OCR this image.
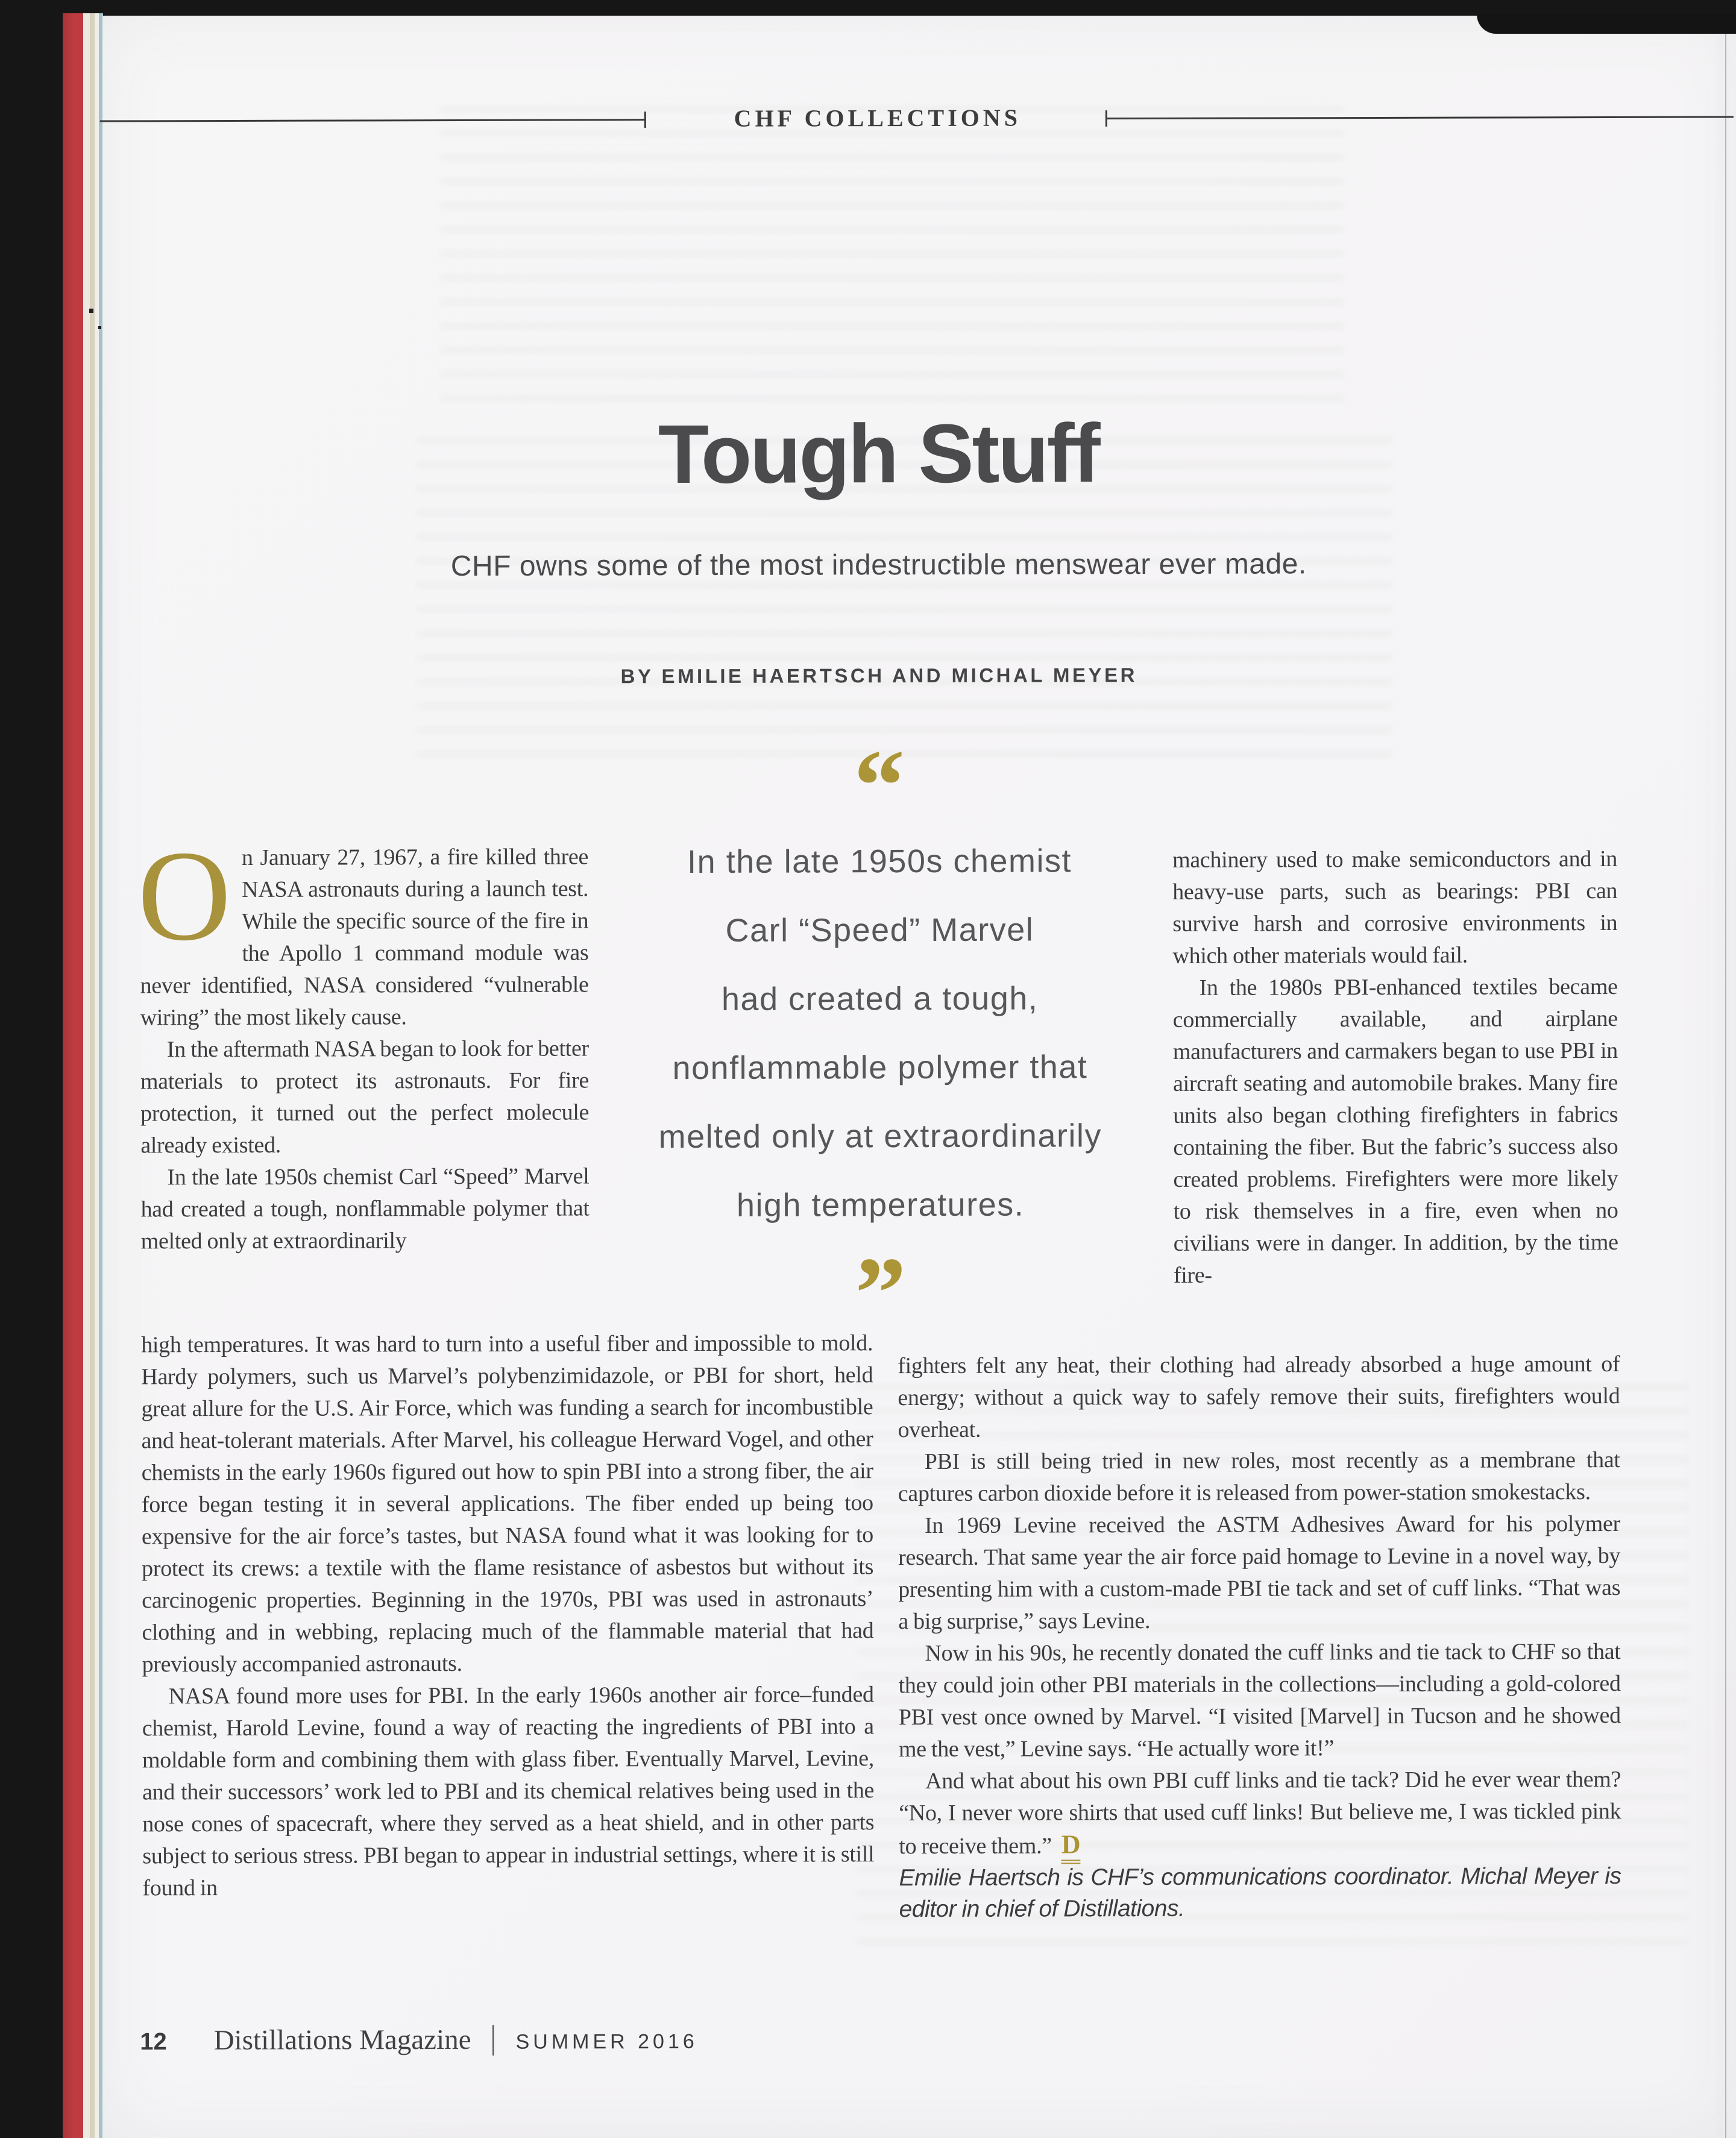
CHF COLLECTIONS
Tough Stuff
CHF owns some of the most indestructible menswear ever made.
BY EMILIE HAERTSCH AND MICHAL MEYER
“
In the late 1950s chemist
Carl “Speed” Marvel
had created a tough,
nonflammable polymer that
melted only at extraordinarily
high temperatures.
”

On January 27, 1967, a fire killed three NASA astronauts during a launch test. While the specific source of the fire in the Apollo 1 command module was never identified, NASA considered “vulnerable wiring” the most likely cause.

In the aftermath NASA began to look for better materials to protect its astronauts. For fire protection, it turned out the perfect molecule already existed.

In the late 1950s chemist Carl “Speed” Marvel had created a tough, nonflammable polymer that melted only at extraordinarily

machinery used to make semiconductors and in heavy-use parts, such as bearings: PBI can survive harsh and corrosive environments in which other materials would fail.

In the 1980s PBI-enhanced textiles became commercially available, and airplane manufacturers and carmakers began to use PBI in aircraft seating and automobile brakes. Many fire units also began clothing firefighters in fabrics containing the fiber. But the fabric’s success also created problems. Firefighters were more likely to risk themselves in a fire, even when no civilians were in danger. In addition, by the time fire-

high temperatures. It was hard to turn into a useful fiber and impossible to mold. Hardy polymers, such us Marvel’s polybenzimidazole, or PBI for short, held great allure for the U.S. Air Force, which was funding a search for incombustible and heat-tolerant materials. After Marvel, his colleague Herward Vogel, and other chemists in the early 1960s figured out how to spin PBI into a strong fiber, the air force began testing it in several applications. The fiber ended up being too expensive for the air force’s tastes, but NASA found what it was looking for to protect its crews: a textile with the flame resistance of asbestos but without its carcinogenic properties. Beginning in the 1970s, PBI was used in astronauts’ clothing and in webbing, replacing much of the flammable material that had previously accompanied astronauts.

NASA found more uses for PBI. In the early 1960s another air force–funded chemist, Harold Levine, found a way of reacting the ingredients of PBI into a moldable form and combining them with glass fiber. Eventually Marvel, Levine, and their successors’ work led to PBI and its chemical relatives being used in the nose cones of spacecraft, where they served as a heat shield, and in other parts subject to serious stress. PBI began to appear in industrial settings, where it is still found in

fighters felt any heat, their clothing had already absorbed a huge amount of energy; without a quick way to safely remove their suits, firefighters would overheat.

PBI is still being tried in new roles, most recently as a membrane that captures carbon dioxide before it is released from power-station smokestacks.

In 1969 Levine received the ASTM Adhesives Award for his polymer research. That same year the air force paid homage to Levine in a novel way, by presenting him with a custom-made PBI tie tack and set of cuff links. “That was a big surprise,” says Levine.

Now in his 90s, he recently donated the cuff links and tie tack to CHF so that they could join other PBI materials in the collections—including a gold-colored PBI vest once owned by Marvel. “I visited [Marvel] in Tucson and he showed me the vest,” Levine says. “He actually wore it!”

And what about his own PBI cuff links and tie tack? Did he ever wear them? “No, I never wore shirts that used cuff links! But believe me, I was tickled pink to receive them.” D

Emilie Haertsch is CHF’s communications coordinator. Michal Meyer is editor in chief of Distillations.

12 Distillations Magazine | SUMMER 2016
